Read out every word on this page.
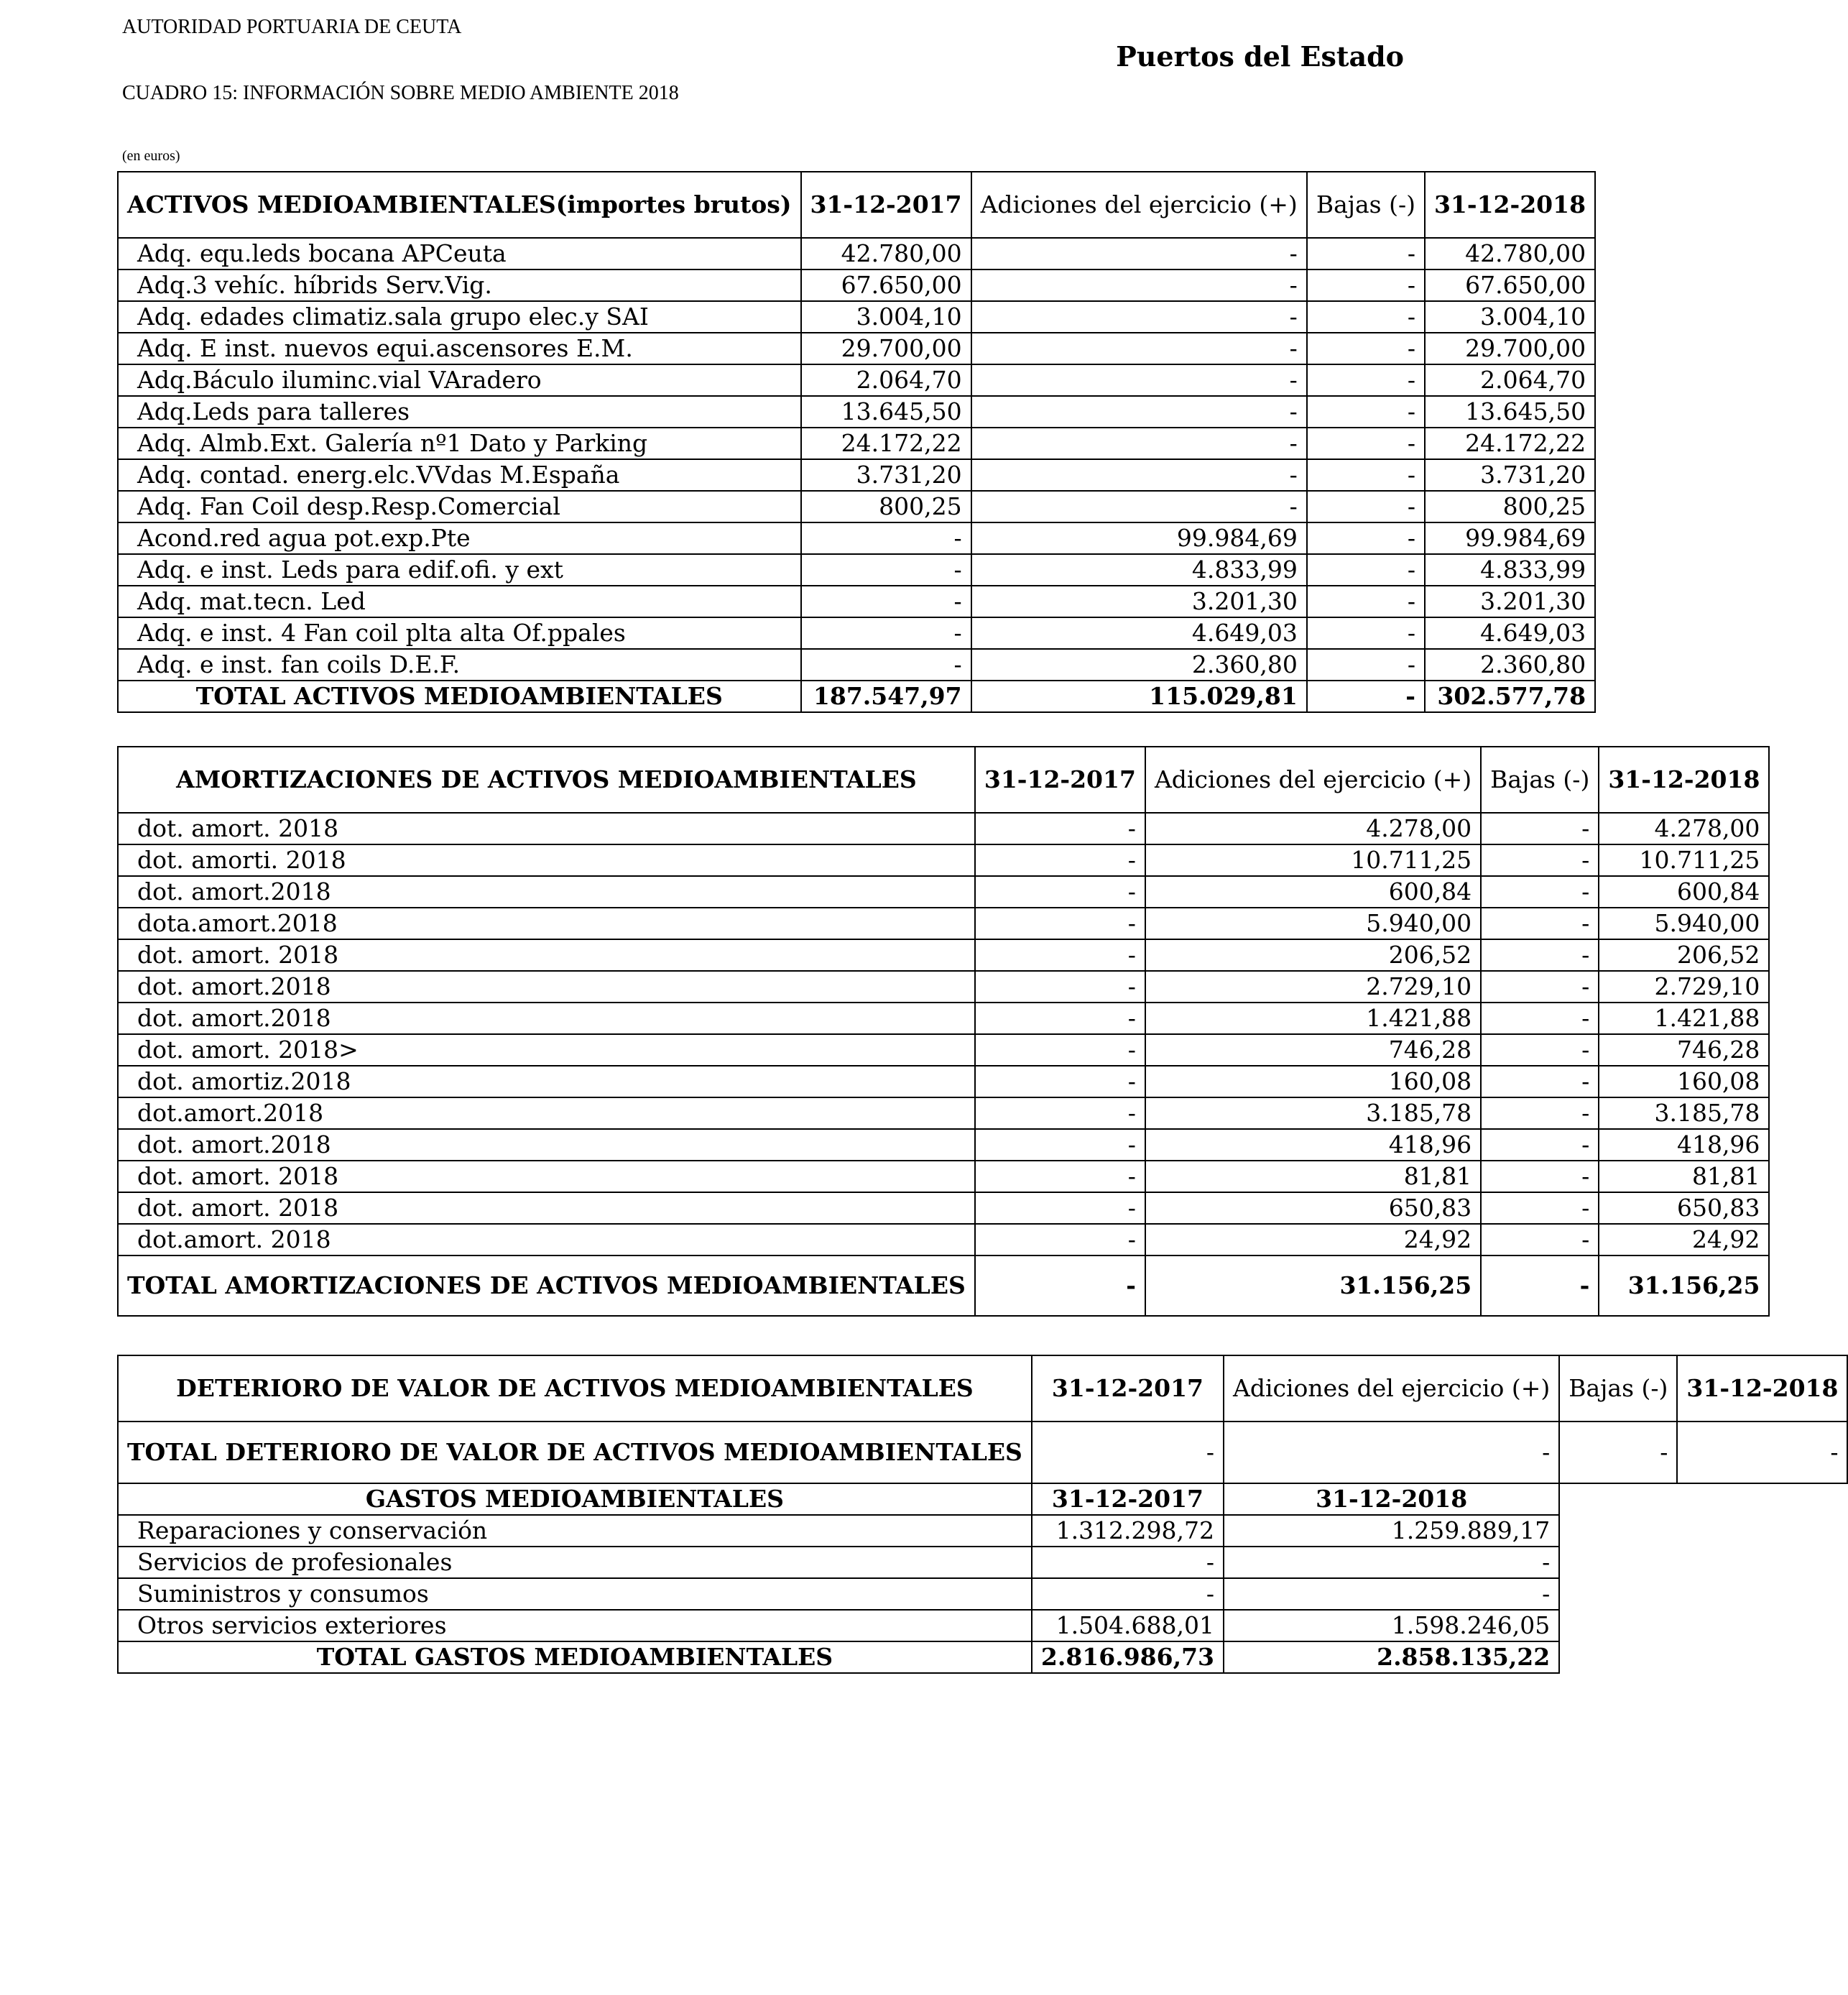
AUTORIDAD PORTUARIA DE CEUTA
Puertos del Estado
CUADRO 15: INFORMACIÓN SOBRE MEDIO AMBIENTE 2018
(en euros)
ACTIVOS MEDIOAMBIENTALES(importes brutos)	31-12-2017	Adiciones del ejercicio (+)	Bajas (-)	31-12-2018
Adq. equ.leds bocana APCeuta	42.780,00	-	-	42.780,00
Adq.3 vehíc. híbrids Serv.Vig.	67.650,00	-	-	67.650,00
Adq. edades climatiz.sala grupo elec.y SAI	3.004,10	-	-	3.004,10
Adq. E inst. nuevos equi.ascensores E.M.	29.700,00	-	-	29.700,00
Adq.Báculo iluminc.vial VAradero	2.064,70	-	-	2.064,70
Adq.Leds para talleres	13.645,50	-	-	13.645,50
Adq. Almb.Ext. Galería nº1 Dato y Parking	24.172,22	-	-	24.172,22
Adq. contad. energ.elc.VVdas M.España	3.731,20	-	-	3.731,20
Adq. Fan Coil desp.Resp.Comercial	800,25	-	-	800,25
Acond.red agua pot.exp.Pte	-	99.984,69	-	99.984,69
Adq. e inst. Leds para edif.ofi. y ext	-	4.833,99	-	4.833,99
Adq. mat.tecn. Led	-	3.201,30	-	3.201,30
Adq. e inst. 4 Fan coil plta alta Of.ppales	-	4.649,03	-	4.649,03
Adq. e inst. fan coils D.E.F.	-	2.360,80	-	2.360,80
TOTAL ACTIVOS MEDIOAMBIENTALES	187.547,97	115.029,81	-	302.577,78
AMORTIZACIONES DE ACTIVOS MEDIOAMBIENTALES	31-12-2017	Adiciones del ejercicio (+)	Bajas (-)	31-12-2018
dot. amort. 2018	-	4.278,00	-	4.278,00
dot. amorti. 2018	-	10.711,25	-	10.711,25
dot. amort.2018	-	600,84	-	600,84
dota.amort.2018	-	5.940,00	-	5.940,00
dot. amort. 2018	-	206,52	-	206,52
dot. amort.2018	-	2.729,10	-	2.729,10
dot. amort.2018	-	1.421,88	-	1.421,88
dot. amort. 2018>	-	746,28	-	746,28
dot. amortiz.2018	-	160,08	-	160,08
dot.amort.2018	-	3.185,78	-	3.185,78
dot. amort.2018	-	418,96	-	418,96
dot. amort. 2018	-	81,81	-	81,81
dot. amort. 2018	-	650,83	-	650,83
dot.amort. 2018	-	24,92	-	24,92
TOTAL AMORTIZACIONES DE ACTIVOS MEDIOAMBIENTALES	-	31.156,25	-	31.156,25
DETERIORO DE VALOR DE ACTIVOS MEDIOAMBIENTALES	31-12-2017	Adiciones del ejercicio (+)	Bajas (-)	31-12-2018
TOTAL DETERIORO DE VALOR DE ACTIVOS MEDIOAMBIENTALES	-	-	-	-
GASTOS MEDIOAMBIENTALES	31-12-2017	31-12-2018		
Reparaciones y conservación	1.312.298,72	1.259.889,17		
Servicios de profesionales	-	-		
Suministros y consumos	-	-		
Otros servicios exteriores	1.504.688,01	1.598.246,05		
TOTAL GASTOS MEDIOAMBIENTALES	2.816.986,73	2.858.135,22		
